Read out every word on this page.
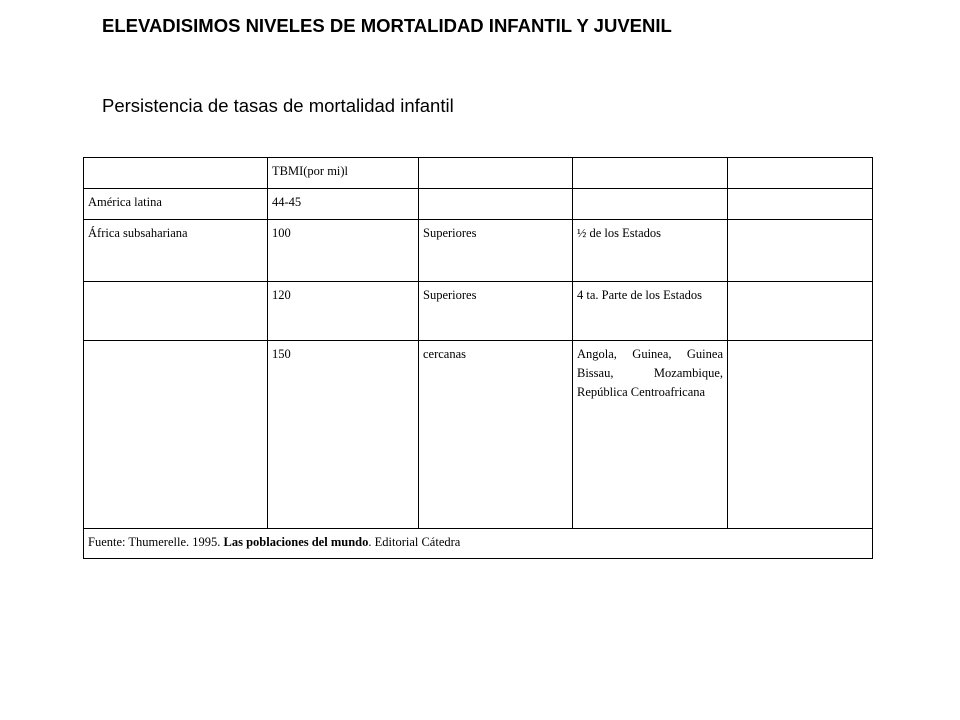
ELEVADISIMOS NIVELES DE MORTALIDAD INFANTIL Y JUVENIL
Persistencia de tasas de mortalidad infantil
	TBMI(por mi)l			
América latina	44-45			
África subsahariana	100	Superiores	½ de los Estados	
	120	Superiores	4 ta. Parte de los Estados	
	150	cercanas	Angola, Guinea, Guinea Bissau, Mozambique, República Centroafricana	
Fuente: Thumerelle. 1995. Las poblaciones del mundo. Editorial Cátedra				
